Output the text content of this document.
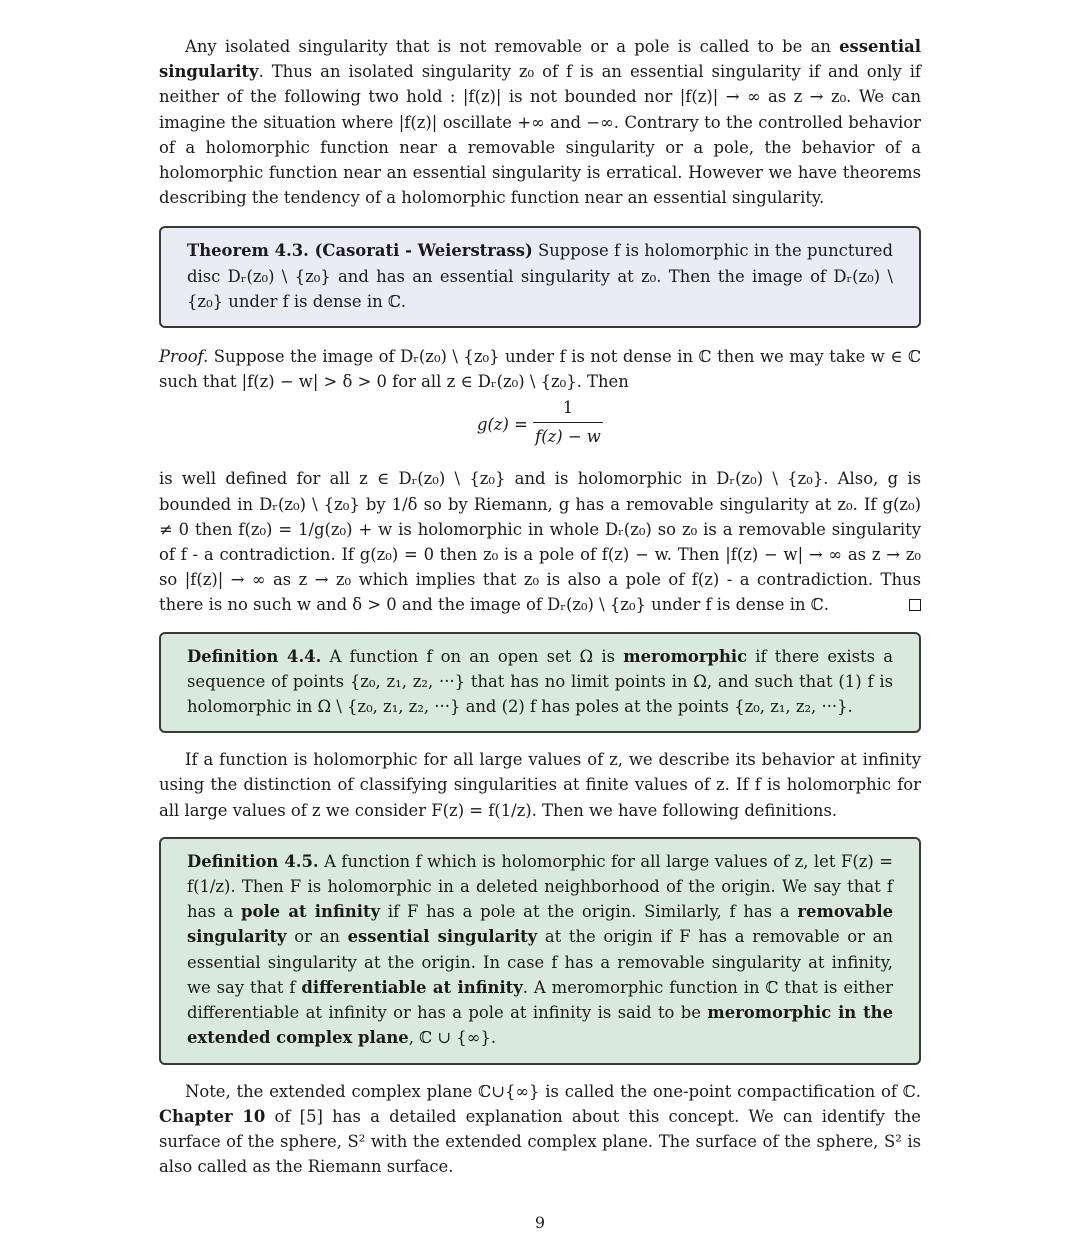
Any isolated singularity that is not removable or a pole is called to be an essential singularity. Thus an isolated singularity z₀ of f is an essential singularity if and only if neither of the following two hold : |f(z)| is not bounded nor |f(z)| → ∞ as z → z₀. We can imagine the situation where |f(z)| oscillate +∞ and −∞. Contrary to the controlled behavior of a holomorphic function near a removable singularity or a pole, the behavior of a holomorphic function near an essential singularity is erratical. However we have theorems describing the tendency of a holomorphic function near an essential singularity.

Theorem 4.3. (Casorati - Weierstrass) Suppose f is holomorphic in the punctured disc Dᵣ(z₀) \ {z₀} and has an essential singularity at z₀. Then the image of Dᵣ(z₀) \ {z₀} under f is dense in ℂ.

Proof. Suppose the image of Dᵣ(z₀) \ {z₀} under f is not dense in ℂ then we may take w ∈ ℂ such that |f(z) − w| > δ > 0 for all z ∈ Dᵣ(z₀) \ {z₀}. Then

g(z) =
1
f(z) − w

is well defined for all z ∈ Dᵣ(z₀) \ {z₀} and is holomorphic in Dᵣ(z₀) \ {z₀}. Also, g is bounded in Dᵣ(z₀) \ {z₀} by 1/δ so by Riemann, g has a removable singularity at z₀. If g(z₀) ≠ 0 then f(z₀) = 1/g(z₀) + w is holomorphic in whole Dᵣ(z₀) so z₀ is a removable singularity of f - a contradiction. If g(z₀) = 0 then z₀ is a pole of f(z) − w. Then |f(z) − w| → ∞ as z → z₀ so |f(z)| → ∞ as z → z₀ which implies that z₀ is also a pole of f(z) - a contradiction. Thus there is no such w and δ > 0 and the image of Dᵣ(z₀) \ {z₀} under f is dense in ℂ.

Definition 4.4. A function f on an open set Ω is meromorphic if there exists a sequence of points {z₀, z₁, z₂, ···} that has no limit points in Ω, and such that (1) f is holomorphic in Ω \ {z₀, z₁, z₂, ···} and (2) f has poles at the points {z₀, z₁, z₂, ···}.

If a function is holomorphic for all large values of z, we describe its behavior at infinity using the distinction of classifying singularities at finite values of z. If f is holomorphic for all large values of z we consider F(z) = f(1/z). Then we have following definitions.

Definition 4.5. A function f which is holomorphic for all large values of z, let F(z) = f(1/z). Then F is holomorphic in a deleted neighborhood of the origin. We say that f has a pole at infinity if F has a pole at the origin. Similarly, f has a removable singularity or an essential singularity at the origin if F has a removable or an essential singularity at the origin. In case f has a removable singularity at infinity, we say that f differentiable at infinity. A meromorphic function in ℂ that is either differentiable at infinity or has a pole at infinity is said to be meromorphic in the extended complex plane, ℂ ∪ {∞}.

Note, the extended complex plane ℂ∪{∞} is called the one-point compactification of ℂ. Chapter 10 of [5] has a detailed explanation about this concept. We can identify the surface of the sphere, S² with the extended complex plane. The surface of the sphere, S² is also called as the Riemann surface.

9
